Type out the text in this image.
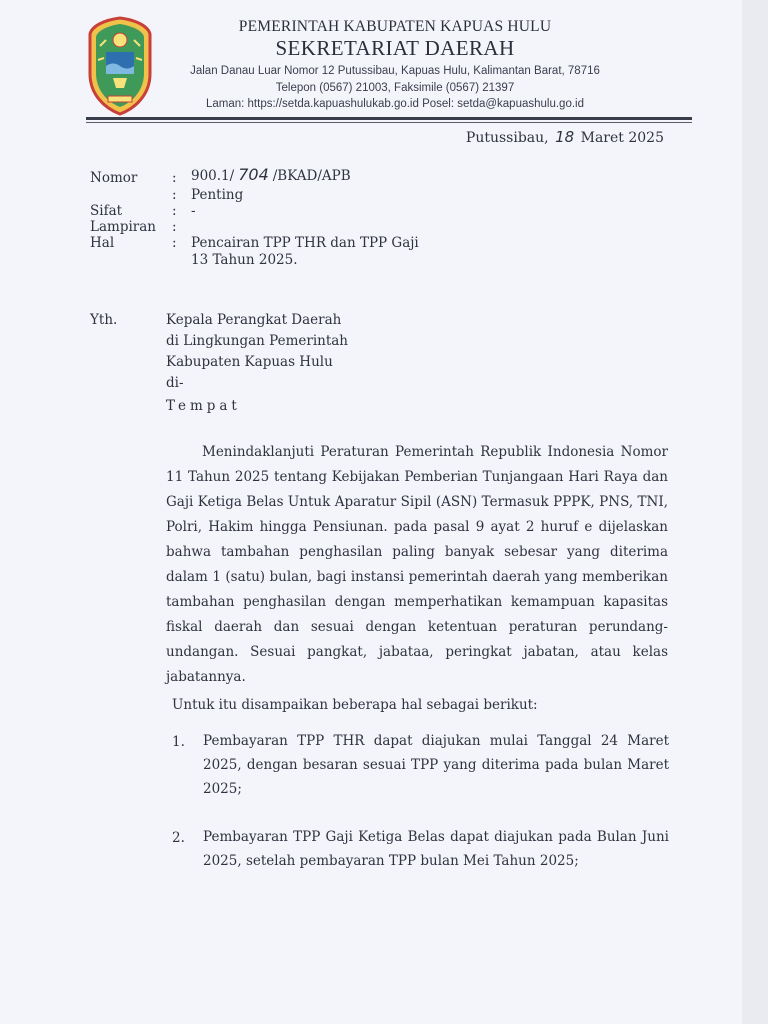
PEMERINTAH KABUPATEN KAPUAS HULU
SEKRETARIAT DAERAH
Jalan Danau Luar Nomor 12 Putussibau, Kapuas Hulu, Kalimantan Barat, 78716
Telepon (0567) 21003, Faksimile (0567) 21397
Laman: https://setda.kapuashulukab.go.id Posel: setda@kapuashulu.go.id
Putussibau, 18 Maret 2025
Nomor	: 900.1/ 704 /BKAD/APB
: Penting
Sifat	: -
Lampiran :
Hal	: Pencairan TPP THR dan TPP Gaji
13 Tahun 2025.
Yth.	Kepala Perangkat Daerah
di Lingkungan Pemerintah
Kabupaten Kapuas Hulu
di-
Tempat
Menindaklanjuti Peraturan Pemerintah Republik Indonesia Nomor 11 Tahun 2025 tentang Kebijakan Pemberian Tunjangaan Hari Raya dan Gaji Ketiga Belas Untuk Aparatur Sipil (ASN) Termasuk PPPK, PNS, TNI, Polri, Hakim hingga Pensiunan. pada pasal 9 ayat 2 huruf e dijelaskan bahwa tambahan penghasilan paling banyak sebesar yang diterima dalam 1 (satu) bulan, bagi instansi pemerintah daerah yang memberikan tambahan penghasilan dengan memperhatikan kemampuan kapasitas fiskal daerah dan sesuai dengan ketentuan peraturan perundang-undangan. Sesuai pangkat, jabataa, peringkat jabatan, atau kelas jabatannya.
Untuk itu disampaikan beberapa hal sebagai berikut:
1. Pembayaran TPP THR dapat diajukan mulai Tanggal 24 Maret 2025, dengan besaran sesuai TPP yang diterima pada bulan Maret 2025;
2. Pembayaran TPP Gaji Ketiga Belas dapat diajukan pada Bulan Juni 2025, setelah pembayaran TPP bulan Mei Tahun 2025;
